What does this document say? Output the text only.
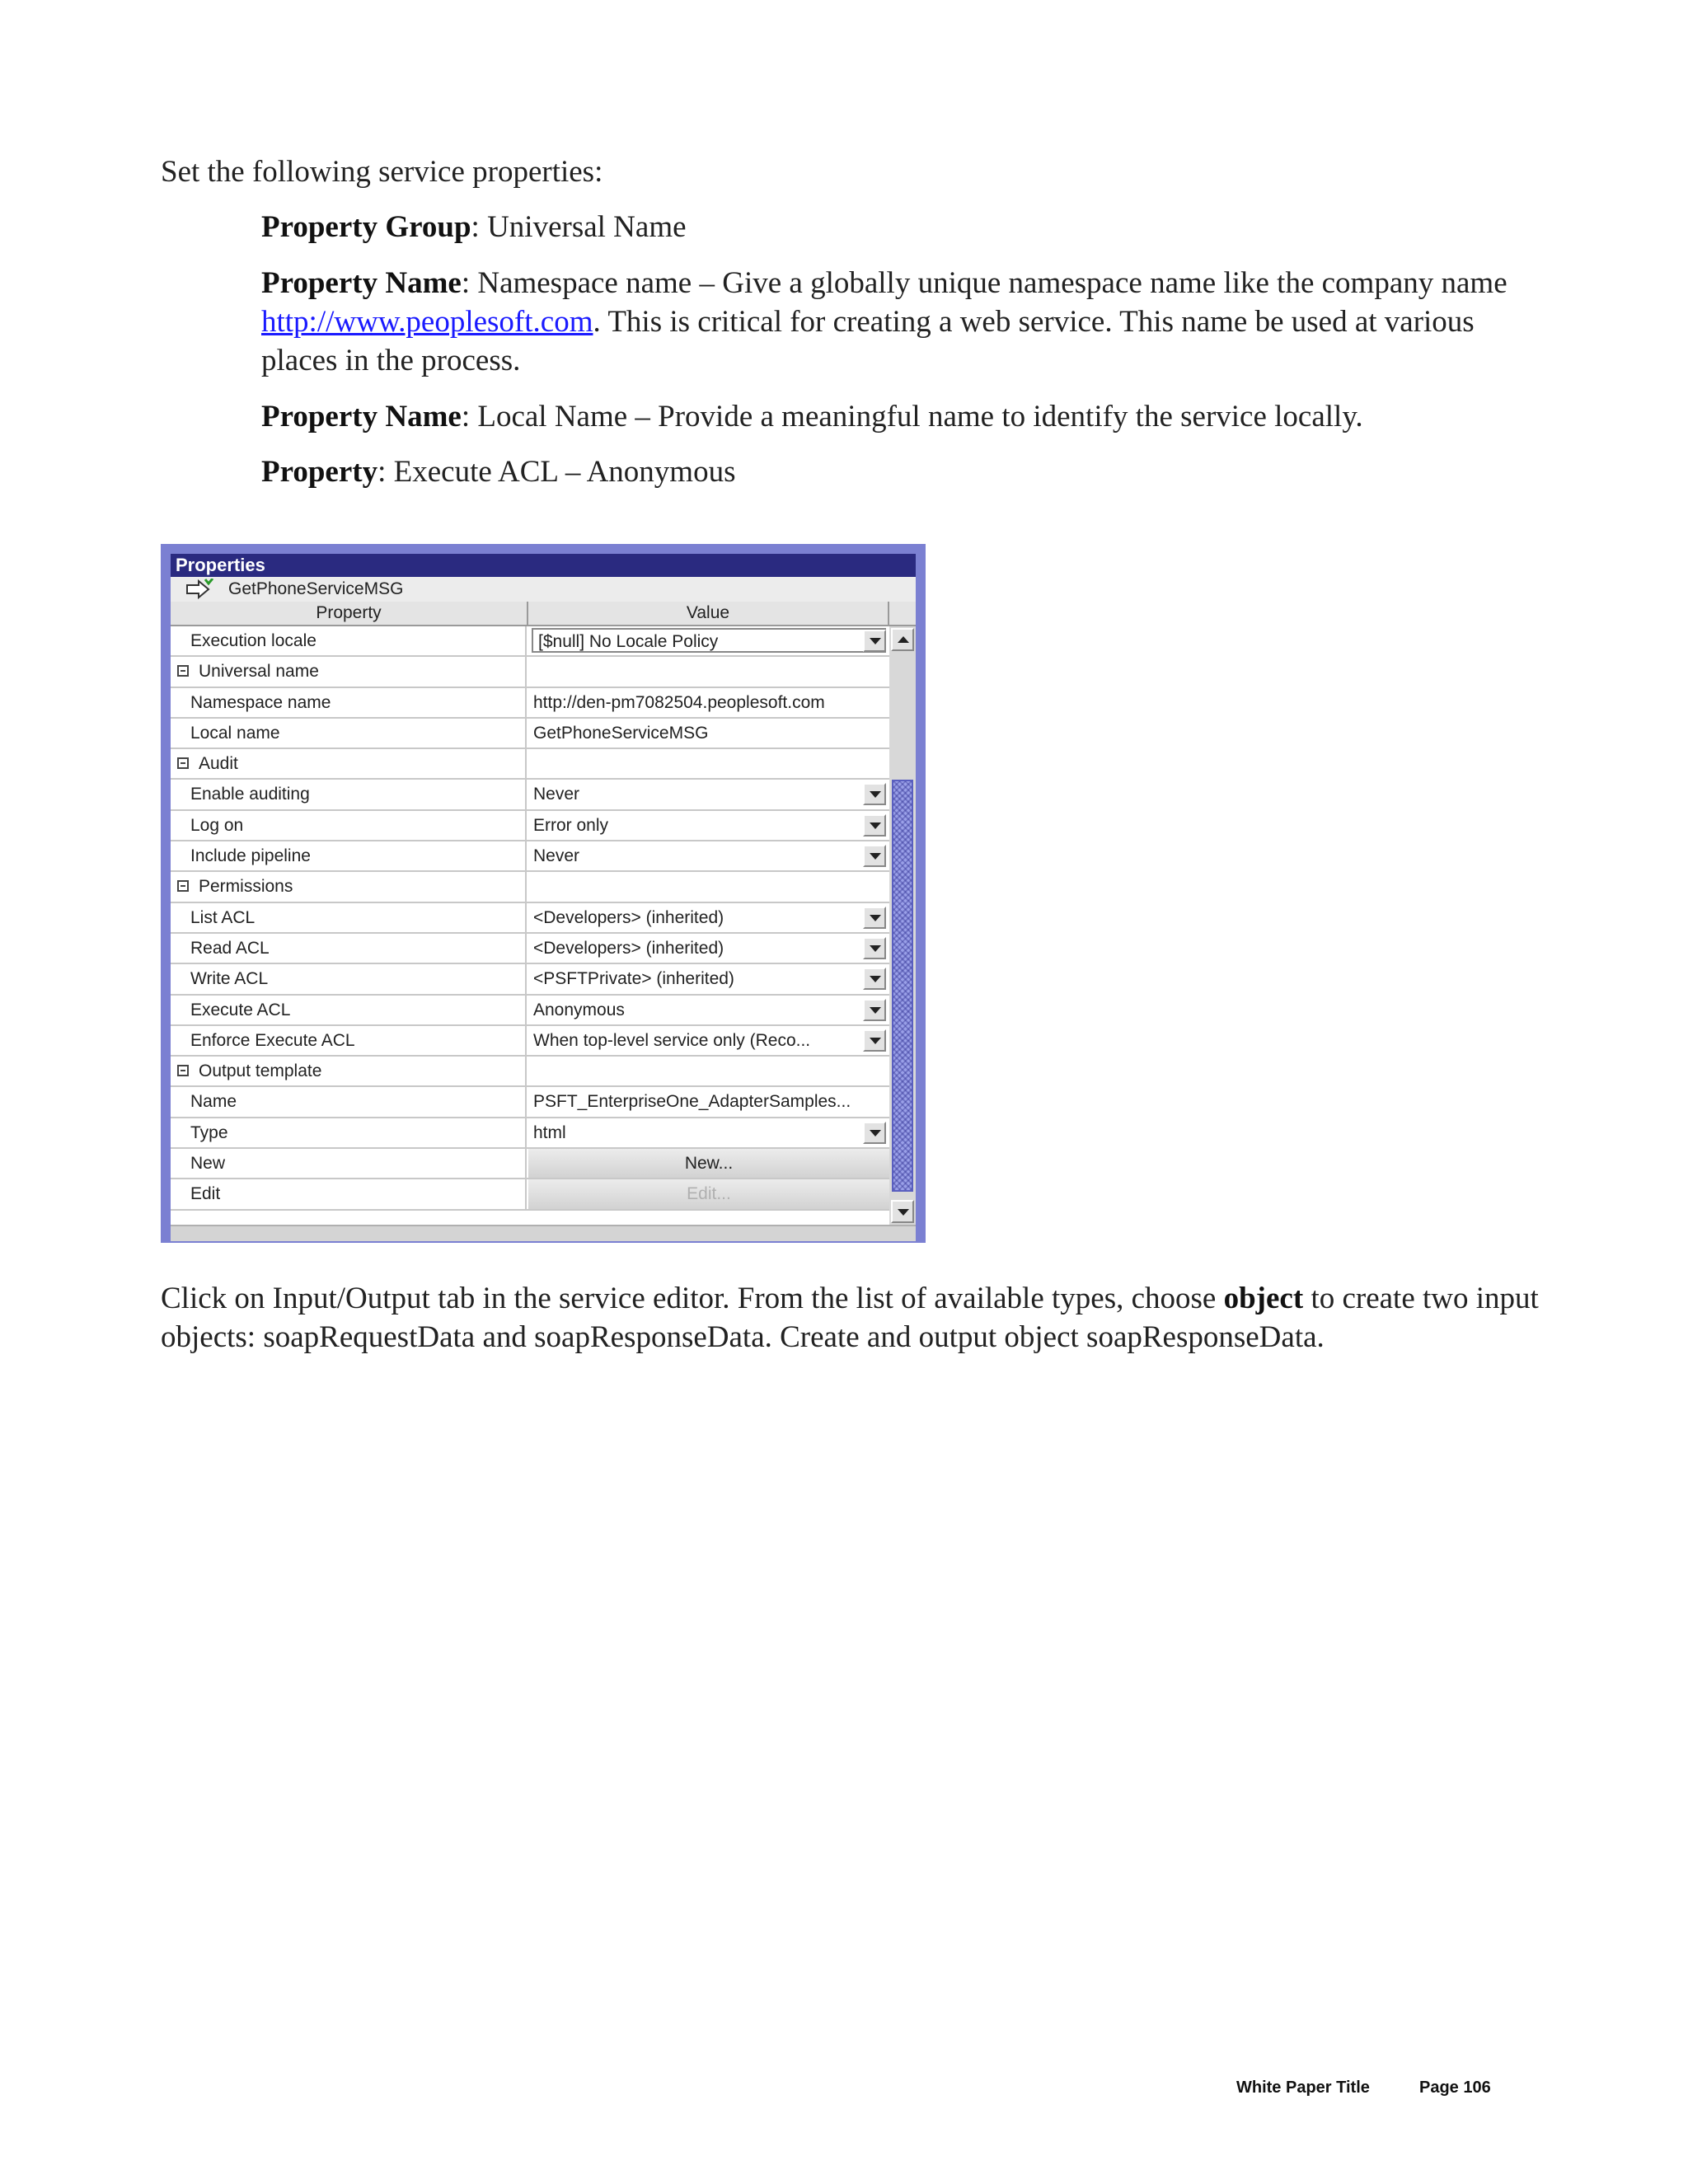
Set the following service properties:

Property Group: Universal Name

Property Name: Namespace name – Give a globally unique namespace name like the company name http://www.peoplesoft.com. This is critical for creating a web service. This name be used at various places in the process.

Property Name: Local Name – Provide a meaningful name to identify the service locally.

Property: Execute ACL – Anonymous

Properties
GetPhoneServiceMSG
Property	Value
Execution locale	[$null] No Locale Policy
Universal name
Namespace name	http://den-pm7082504.peoplesoft.com
Local name	GetPhoneServiceMSG
Audit
Enable auditing	Never
Log on	Error only
Include pipeline	Never
Permissions
List ACL	<Developers> (inherited)
Read ACL	<Developers> (inherited)
Write ACL	<PSFTPrivate> (inherited)
Execute ACL	Anonymous
Enforce Execute ACL	When top-level service only (Reco...
Output template
Name	PSFT_EnterpriseOne_AdapterSamples...
Type	html
New	New...
Edit	Edit...

Click on Input/Output tab in the service editor. From the list of available types, choose object to create two input objects: soapRequestData and soapResponseData. Create and output object soapResponseData.

White Paper Title	Page 106
